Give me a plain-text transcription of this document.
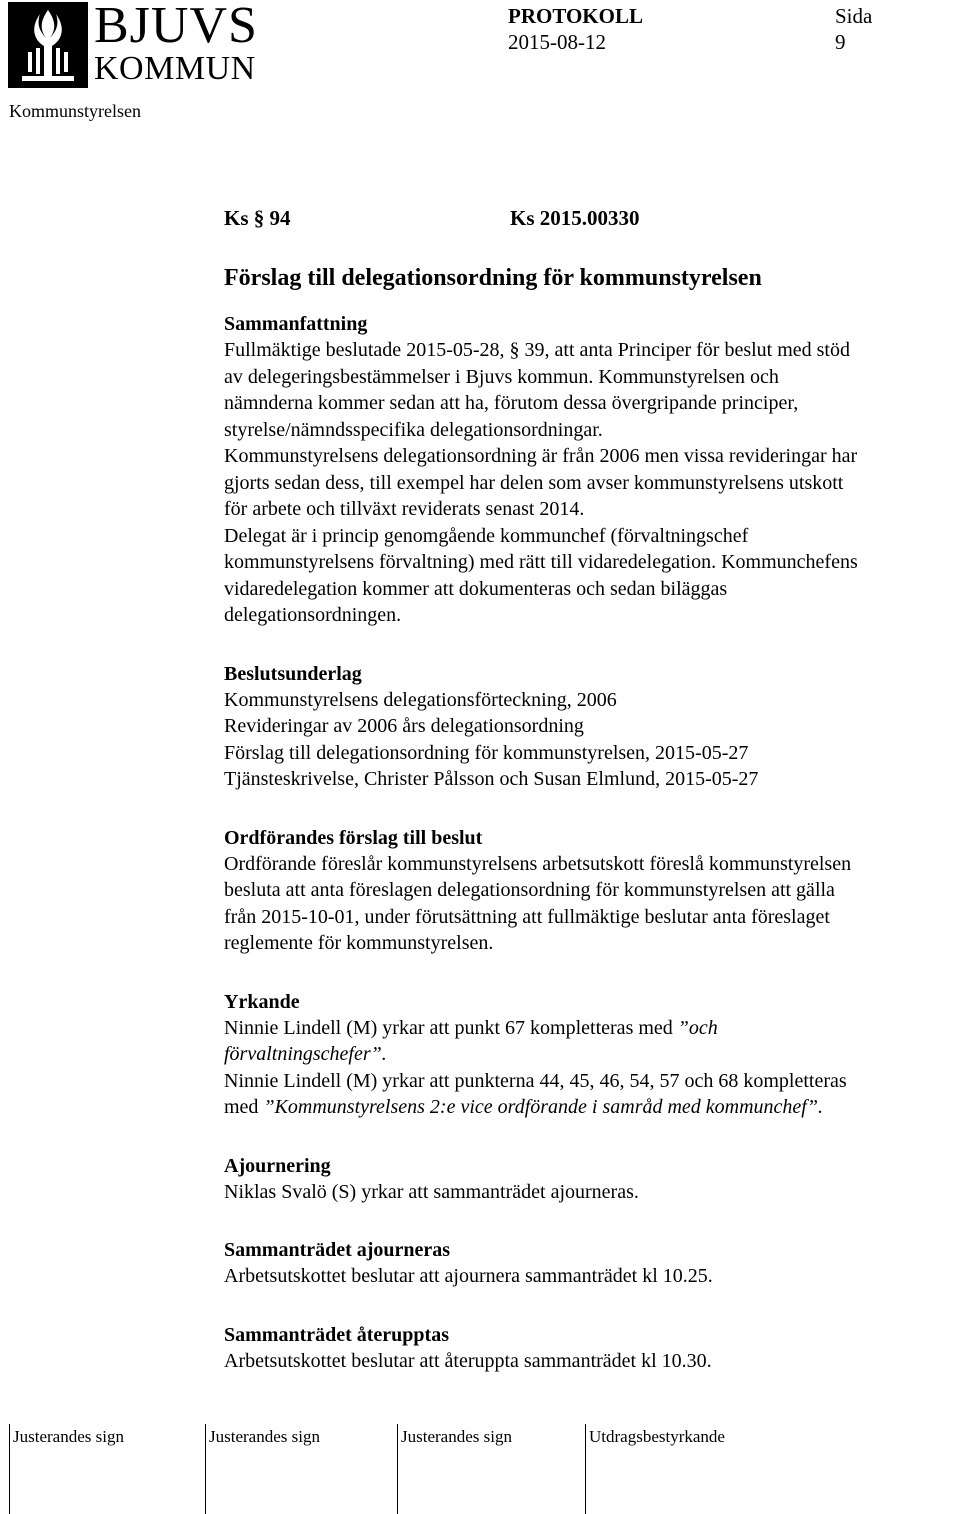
BJUVS
KOMMUN
Kommunstyrelsen
PROTOKOLL
2015-08-12
Sida
9
Ks § 94	Ks 2015.00330
Förslag till delegationsordning för kommunstyrelsen
Sammanfattning

Fullmäktige beslutade 2015-05-28, § 39, att anta Principer för beslut med stöd

av delegeringsbestämmelser i Bjuvs kommun. Kommunstyrelsen och

nämnderna kommer sedan att ha, förutom dessa övergripande principer,

styrelse/nämndsspecifika delegationsordningar.

Kommunstyrelsens delegationsordning är från 2006 men vissa revideringar har

gjorts sedan dess, till exempel har delen som avser kommunstyrelsens utskott

för arbete och tillväxt reviderats senast 2014.

Delegat är i princip genomgående kommunchef (förvaltningschef

kommunstyrelsens förvaltning) med rätt till vidaredelegation. Kommunchefens

vidaredelegation kommer att dokumenteras och sedan biläggas

delegationsordningen.

Beslutsunderlag

Kommunstyrelsens delegationsförteckning, 2006

Revideringar av 2006 års delegationsordning

Förslag till delegationsordning för kommunstyrelsen, 2015-05-27

Tjänsteskrivelse, Christer Pålsson och Susan Elmlund, 2015-05-27

Ordförandes förslag till beslut

Ordförande föreslår kommunstyrelsens arbetsutskott föreslå kommunstyrelsen

besluta att anta föreslagen delegationsordning för kommunstyrelsen att gälla

från 2015-10-01, under förutsättning att fullmäktige beslutar anta föreslaget

reglemente för kommunstyrelsen.

Yrkande

Ninnie Lindell (M) yrkar att punkt 67 kompletteras med ”och

förvaltningschefer”.

Ninnie Lindell (M) yrkar att punkterna 44, 45, 46, 54, 57 och 68 kompletteras

med ”Kommunstyrelsens 2:e vice ordförande i samråd med kommunchef”.

Ajournering

Niklas Svalö (S) yrkar att sammanträdet ajourneras.

Sammanträdet ajourneras

Arbetsutskottet beslutar att ajournera sammanträdet kl 10.25.

Sammanträdet återupptas

Arbetsutskottet beslutar att återuppta sammanträdet kl 10.30.

Justerandes sign	Justerandes sign	Justerandes sign	Utdragsbestyrkande
